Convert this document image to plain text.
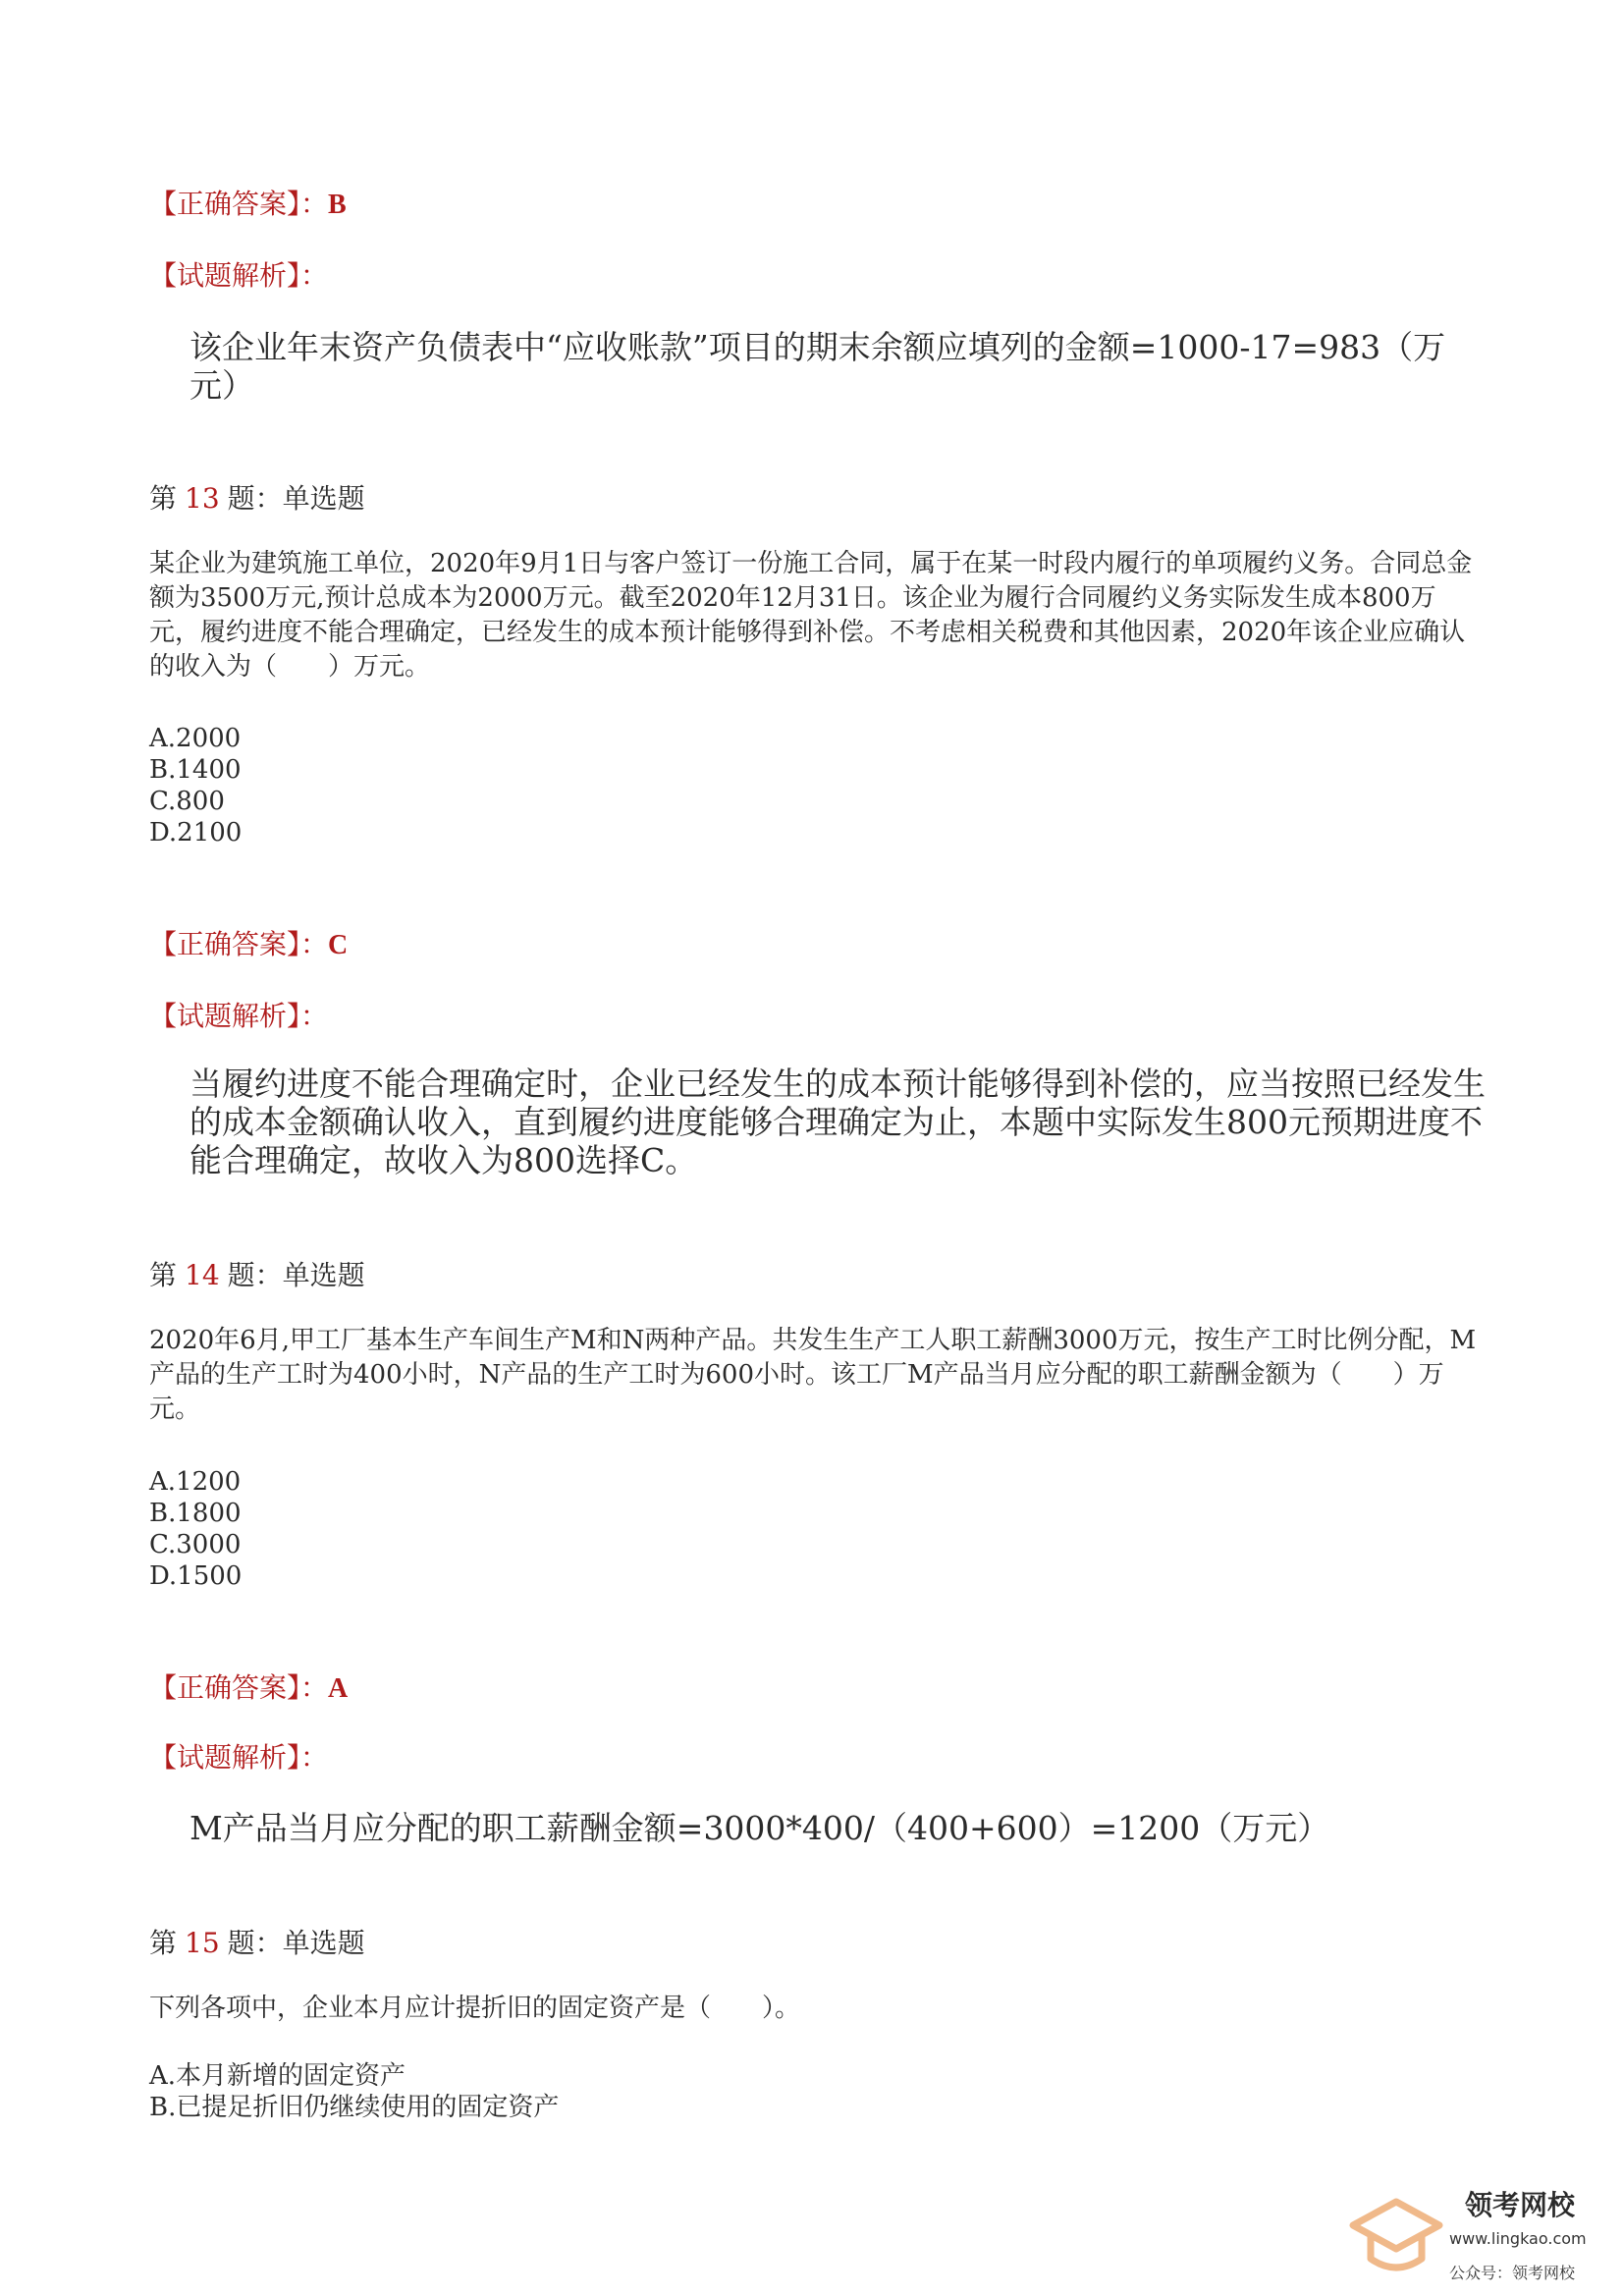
【正确答案】：B
【试题解析】：
该企业年末资产负债表中“应收账款”项目的期末余额应填列的金额=1000-17=983（万元）
第 13 题：单选题
某企业为建筑施工单位，2020年9月1日与客户签订一份施工合同，属于在某一时段内履行的单项履约义务。合同总金额为3500万元,预计总成本为2000万元。截至2020年12月31日。该企业为履行合同履约义务实际发生成本800万元，履约进度不能合理确定，已经发生的成本预计能够得到补偿。不考虑相关税费和其他因素，2020年该企业应确认的收入为（　　）万元。
A.2000
B.1400
C.800
D.2100
【正确答案】：C
【试题解析】：
当履约进度不能合理确定时，企业已经发生的成本预计能够得到补偿的，应当按照已经发生的成本金额确认收入，直到履约进度能够合理确定为止，本题中实际发生800元预期进度不能合理确定，故收入为800选择C。
第 14 题：单选题
2020年6月,甲工厂基本生产车间生产M和N两种产品。共发生生产工人职工薪酬3000万元，按生产工时比例分配，M产品的生产工时为400小时，N产品的生产工时为600小时。该工厂M产品当月应分配的职工薪酬金额为（　　）万元。
A.1200
B.1800
C.3000
D.1500
【正确答案】：A
【试题解析】：
M产品当月应分配的职工薪酬金额=3000*400/（400+600）=1200（万元）
第 15 题：单选题
下列各项中，企业本月应计提折旧的固定资产是（　　）。
A.本月新增的固定资产
B.已提足折旧仍继续使用的固定资产
领考网校
www.lingkao.com
公众号：领考网校
